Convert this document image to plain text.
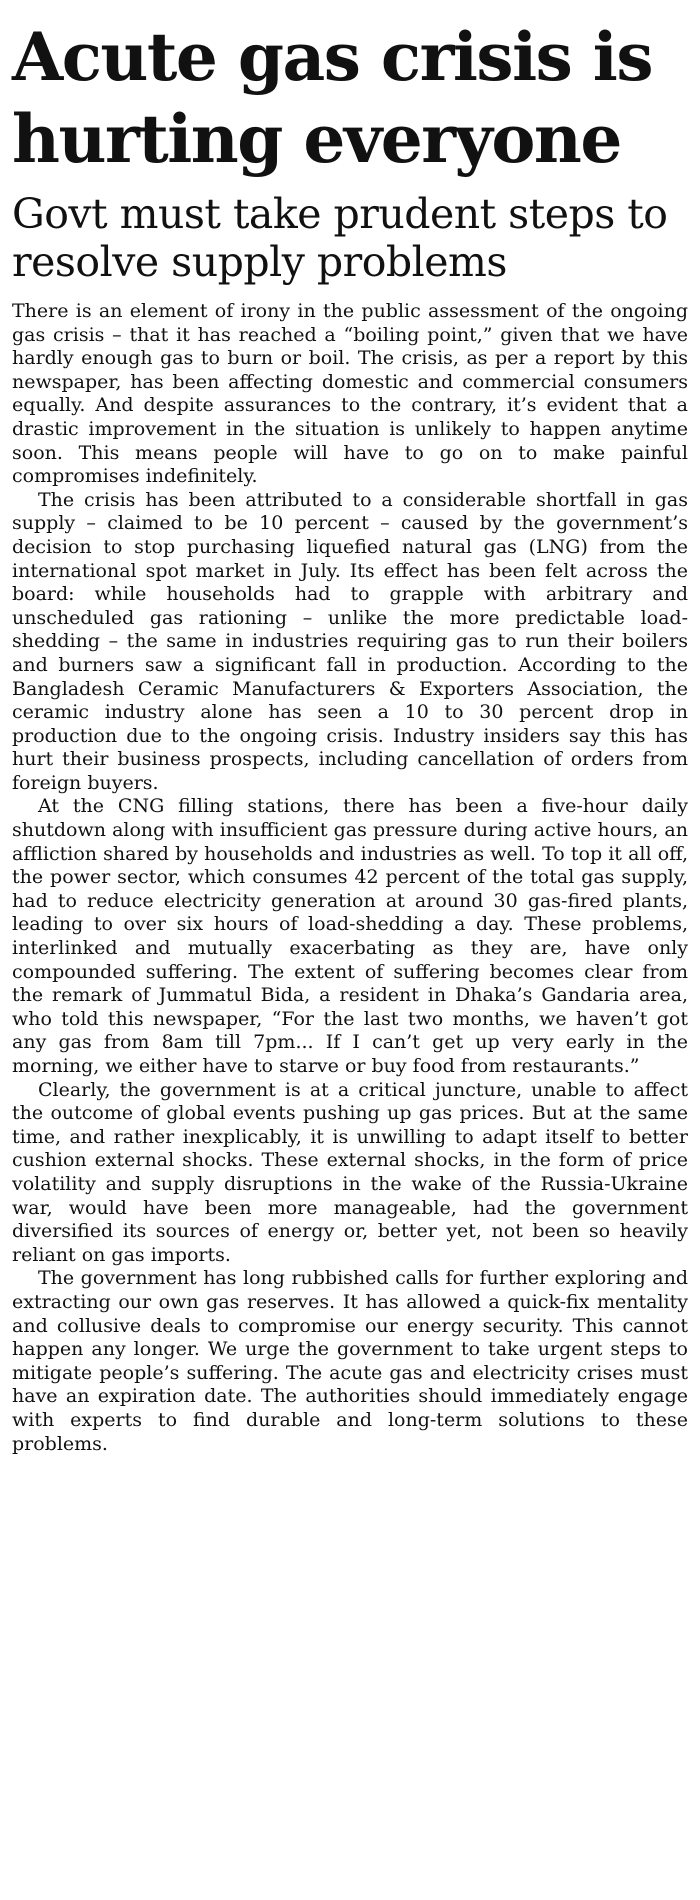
Acute gas crisis is hurting everyone
Govt must take prudent steps to resolve supply problems

There is an element of irony in the public assessment of the ongoing gas crisis – that it has reached a “boiling point,” given that we have hardly enough gas to burn or boil. The crisis, as per a report by this newspaper, has been affecting domestic and commercial consumers equally. And despite assurances to the contrary, it’s evident that a drastic improvement in the situation is unlikely to happen anytime soon. This means people will have to go on to make painful compromises indefinitely.

The crisis has been attributed to a considerable shortfall in gas supply – claimed to be 10 percent – caused by the government’s decision to stop purchasing liquefied natural gas (LNG) from the international spot market in July. Its effect has been felt across the board: while households had to grapple with arbitrary and unscheduled gas rationing – unlike the more predictable load-shedding – the same in industries requiring gas to run their boilers and burners saw a significant fall in production. According to the Bangladesh Ceramic Manufacturers & Exporters Association, the ceramic industry alone has seen a 10 to 30 percent drop in production due to the ongoing crisis. Industry insiders say this has hurt their business prospects, including cancellation of orders from foreign buyers.

At the CNG filling stations, there has been a five-hour daily shutdown along with insufficient gas pressure during active hours, an affliction shared by households and industries as well. To top it all off, the power sector, which consumes 42 percent of the total gas supply, had to reduce electricity generation at around 30 gas-fired plants, leading to over six hours of load-shedding a day. These problems, interlinked and mutually exacerbating as they are, have only compounded suffering. The extent of suffering becomes clear from the remark of Jummatul Bida, a resident in Dhaka’s Gandaria area, who told this newspaper, “For the last two months, we haven’t got any gas from 8am till 7pm... If I can’t get up very early in the morning, we either have to starve or buy food from restaurants.”

Clearly, the government is at a critical juncture, unable to affect the outcome of global events pushing up gas prices. But at the same time, and rather inexplicably, it is unwilling to adapt itself to better cushion external shocks. These external shocks, in the form of price volatility and supply disruptions in the wake of the Russia-Ukraine war, would have been more manageable, had the government diversified its sources of energy or, better yet, not been so heavily reliant on gas imports.

The government has long rubbished calls for further exploring and extracting our own gas reserves. It has allowed a quick-fix mentality and collusive deals to compromise our energy security. This cannot happen any longer. We urge the government to take urgent steps to mitigate people’s suffering. The acute gas and electricity crises must have an expiration date. The authorities should immediately engage with experts to find durable and long-term solutions to these problems.
